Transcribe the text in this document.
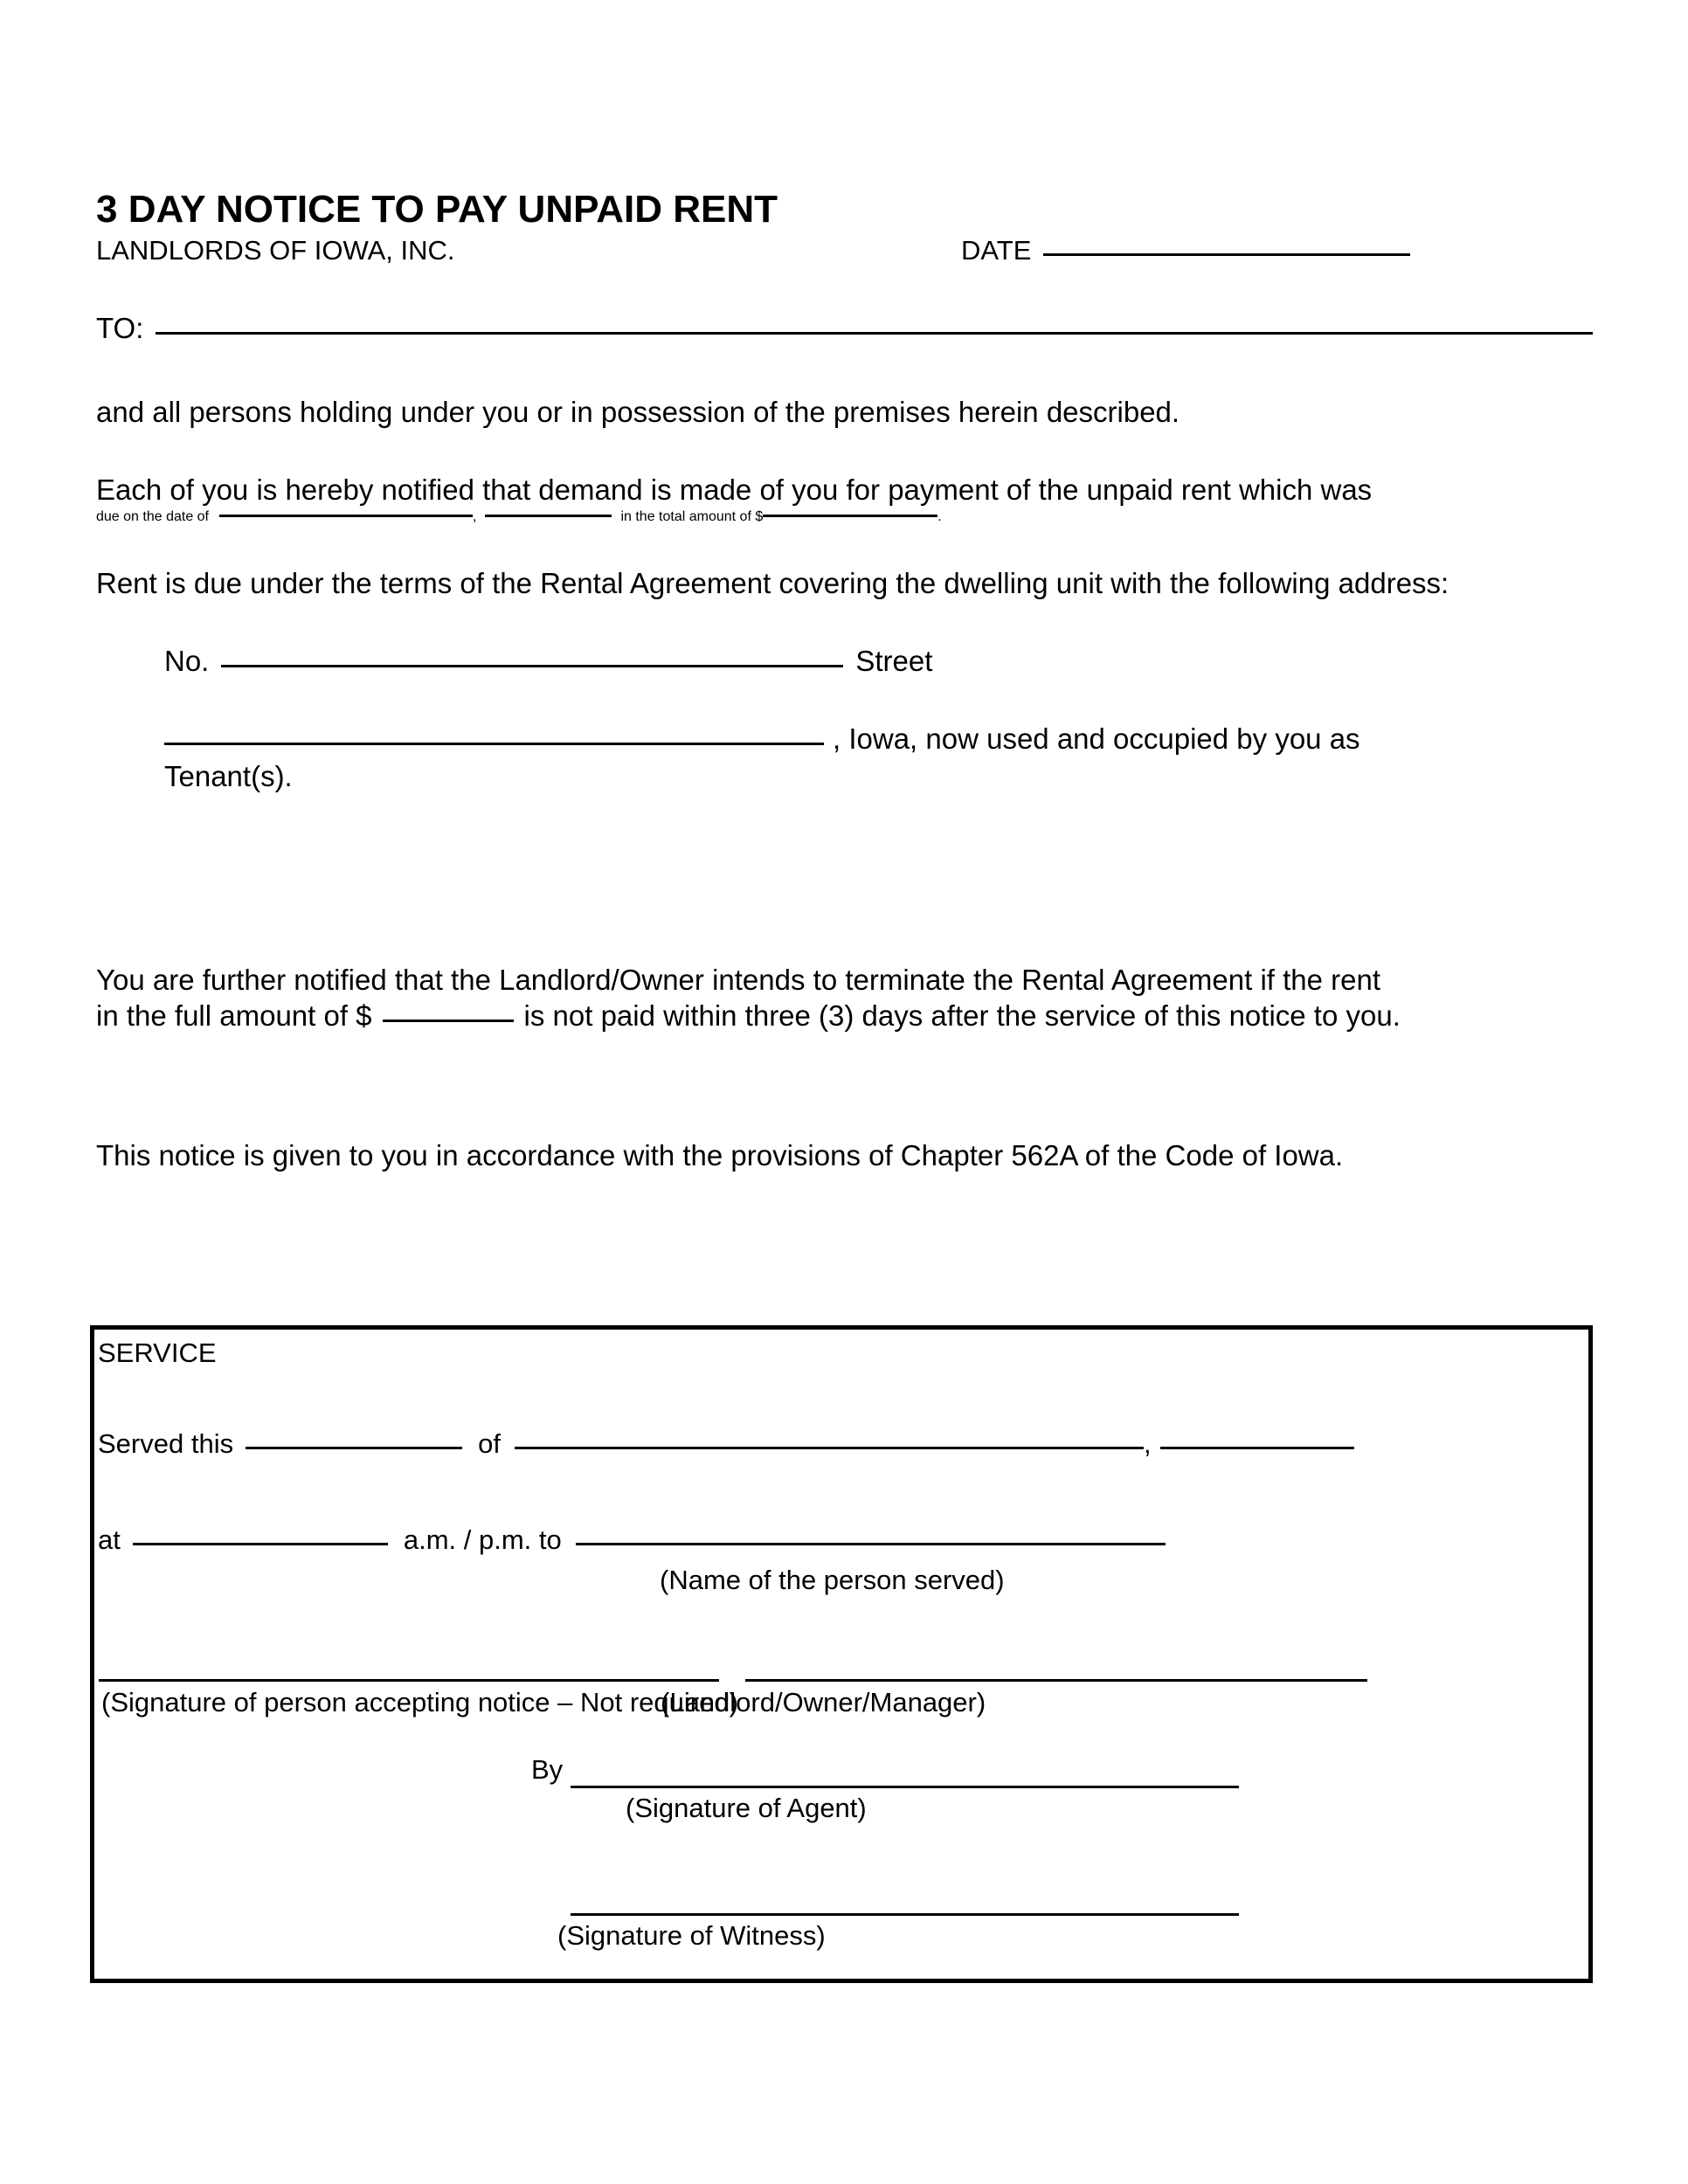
3 DAY NOTICE TO PAY UNPAID RENT
LANDLORDS OF IOWA, INC.	DATE
TO:

and all persons holding under you or in possession of the premises herein described.

Each of you is hereby notified that demand is made of you for payment of the unpaid rent which was

due on the date of	,	in the total amount of $	.

Rent is due under the terms of the Rental Agreement covering the dwelling unit with the following address:

No.	Street
, Iowa, now used and occupied by you as
Tenant(s).

You are further notified that the Landlord/Owner intends to terminate the Rental Agreement if the rent

in the full amount of $	is not paid within three (3) days after the service of this notice to you.

This notice is given to you in accordance with the provisions of Chapter 562A of the Code of Iowa.

SERVICE
Served this	of	,
at	a.m. / p.m. to
(Name of the person served)
(Signature of person accepting notice – Not required)
(Landlord/Owner/Manager)
By
(Signature of Agent)
(Signature of Witness)
